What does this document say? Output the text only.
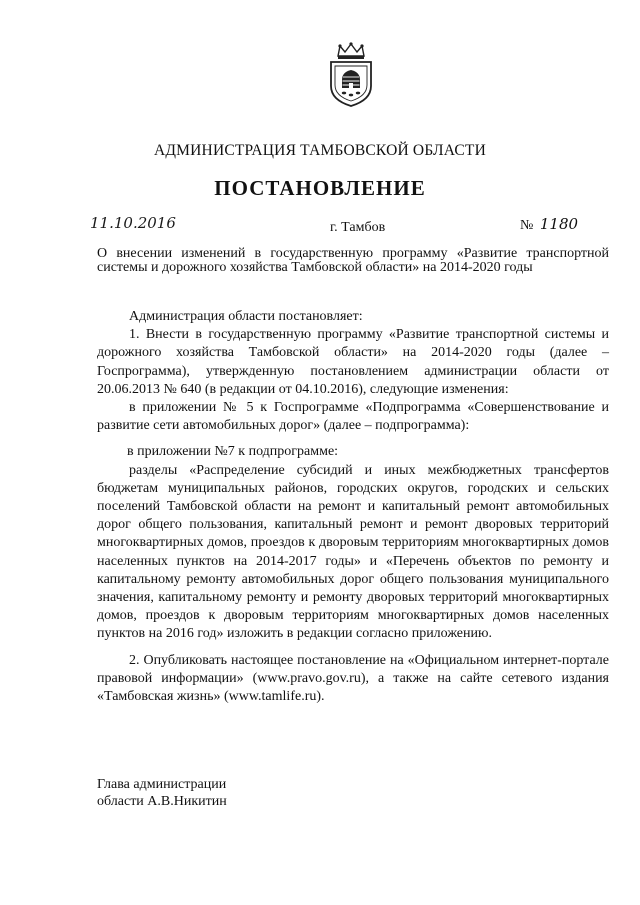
АДМИНИСТРАЦИЯ ТАМБОВСКОЙ ОБЛАСТИ
ПОСТАНОВЛЕНИЕ
11.10.2016	г. Тамбов	№ 1180
О внесении изменений в государственную программу «Развитие транспортной системы и дорожного хозяйства Тамбовской области» на 2014-2020 годы

Администрация области постановляет:

1. Внести в государственную программу «Развитие транспортной системы и дорожного хозяйства Тамбовской области» на 2014-2020 годы (далее – Госпрограмма), утвержденную постановлением администрации области от 20.06.2013 № 640 (в редакции от 04.10.2016), следующие изменения:

в приложении № 5 к Госпрограмме «Подпрограмма «Совершенствование и развитие сети автомобильных дорог» (далее – подпрограмма):

в приложении №7 к подпрограмме:

разделы «Распределение субсидий и иных межбюджетных трансфертов бюджетам муниципальных районов, городских округов, городских и сельских поселений Тамбовской области на ремонт и капитальный ремонт автомобильных дорог общего пользования, капитальный ремонт и ремонт дворовых территорий многоквартирных домов, проездов к дворовым территориям многоквартирных домов населенных пунктов на 2014-2017 годы» и «Перечень объектов по ремонту и капитальному ремонту автомобильных дорог общего пользования муниципального значения, капитальному ремонту и ремонту дворовых территорий многоквартирных домов, проездов к дворовым территориям многоквартирных домов населенных пунктов на 2016 год» изложить в редакции согласно приложению.

2. Опубликовать настоящее постановление на «Официальном интернет-портале правовой информации» (www.pravo.gov.ru), а также на сайте сетевого издания «Тамбовская жизнь» (www.tamlife.ru).

Глава администрации
области А.В.Никитин
